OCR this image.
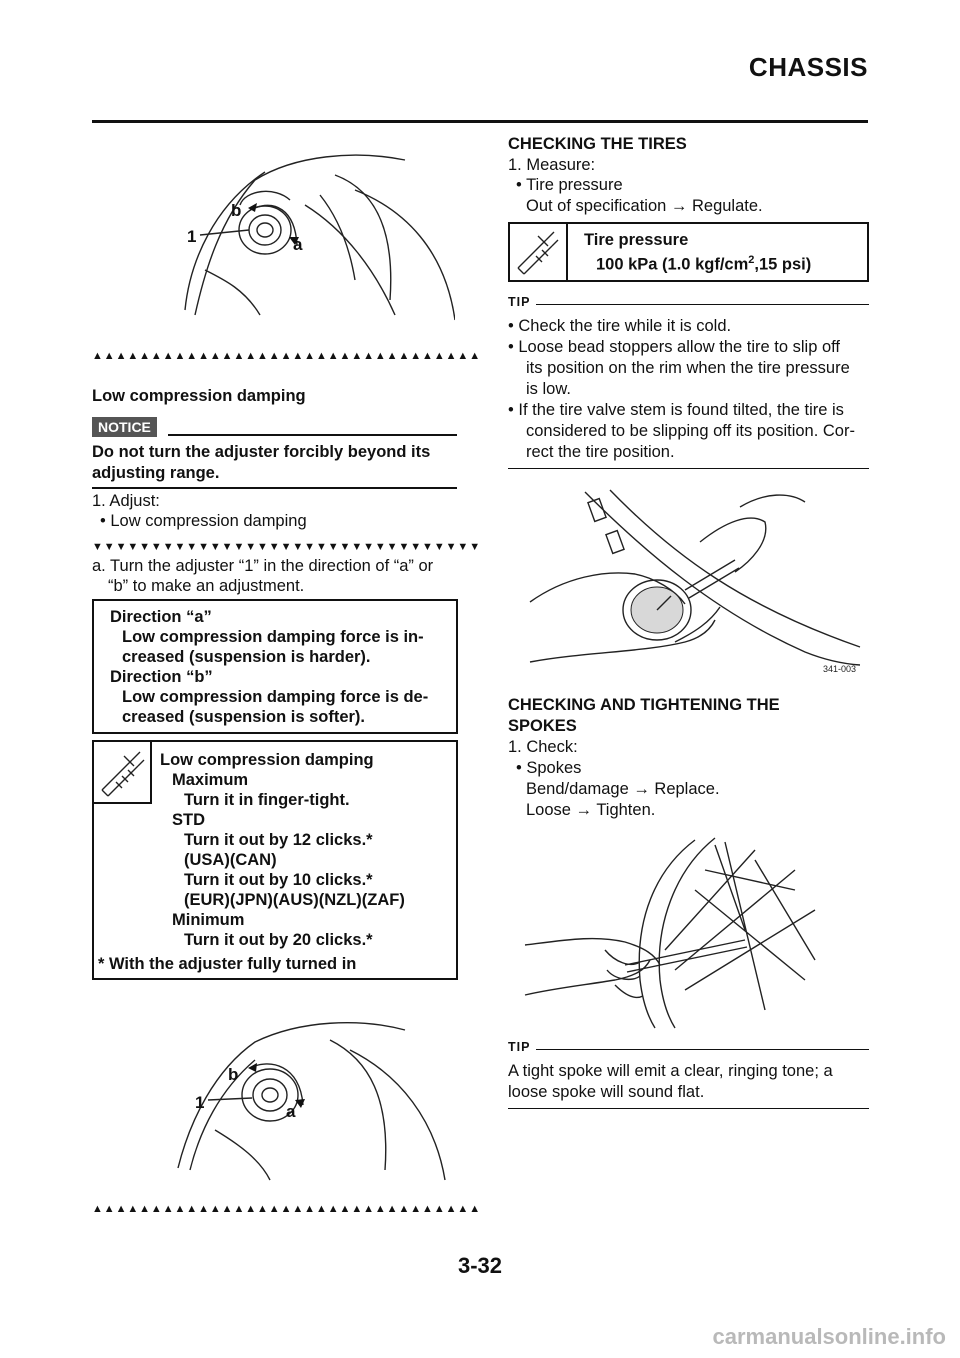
CHASSIS
1	a
b
▲▲▲▲▲▲▲▲▲▲▲▲▲▲▲▲▲▲▲▲▲▲▲▲▲▲▲▲▲▲▲▲▲
Low compression damping
NOTICE
Do not turn the adjuster forcibly beyond its
adjusting range.
1. Adjust:
• Low compression damping
▼▼▼▼▼▼▼▼▼▼▼▼▼▼▼▼▼▼▼▼▼▼▼▼▼▼▼▼▼▼▼▼▼
a. Turn the adjuster “1” in the direction of “a” or
“b” to make an adjustment.
Direction “a”
Low compression damping force is in-
creased (suspension is harder).
Direction “b”
Low compression damping force is de-
creased (suspension is softer).
Low compression damping
Maximum
Turn it in finger-tight.
STD
Turn it out by 12 clicks.*
(USA)(CAN)
Turn it out by 10 clicks.*
(EUR)(JPN)(AUS)(NZL)(ZAF)
Minimum
Turn it out by 20 clicks.*
* With the adjuster fully turned in
1	a
b
▲▲▲▲▲▲▲▲▲▲▲▲▲▲▲▲▲▲▲▲▲▲▲▲▲▲▲▲▲▲▲▲▲
CHECKING THE TIRES
1. Measure:
• Tire pressure
Out of specification → Regulate.
Tire pressure
100 kPa (1.0 kgf/$cm^2,15$ psi)
TIP
• Check the tire while it is cold.
• Loose bead stoppers allow the tire to slip off
its position on the rim when the tire pressure
is low.
• If the tire valve stem is found tilted, the tire is
considered to be slipping off its position. Cor-
rect the tire position.
341-003
CHECKING AND TIGHTENING THE
SPOKES
1. Check:
• Spokes
Bend/damage → Replace.
Loose → Tighten.
TIP
A tight spoke will emit a clear, ringing tone; a
loose spoke will sound flat.
3-32
carmanualsonline.info
